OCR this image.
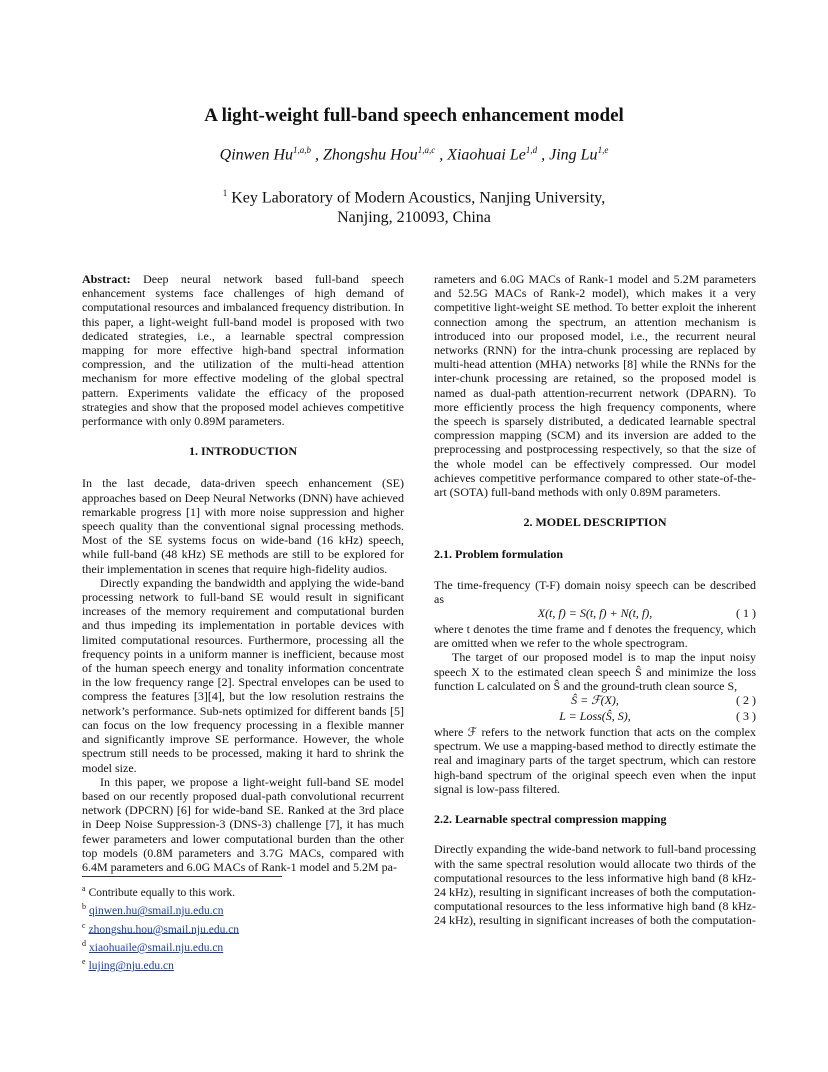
A light-weight full-band speech enhancement model
Qinwen Hu$^{1,a,b}$ , Zhongshu Hou$^{1,a,c}$ , Xiaohuai Le$^{1,d}$ , Jing Lu$^{1,e}$
$^1$ Key Laboratory of Modern Acoustics, Nanjing University,
Nanjing, 210093, China

Abstract: Deep neural network based full-band speech enhancement systems face challenges of high demand of computational resources and imbalanced frequency distribution. In this paper, a light-weight full-band model is proposed with two dedicated strategies, i.e., a learnable spectral compression mapping for more effective high-band spectral information compression, and the utilization of the multi-head attention mechanism for more effective modeling of the global spectral pattern. Experiments validate the efficacy of the proposed strategies and show that the proposed model achieves competitive performance with only 0.89M parameters.

1. INTRODUCTION

In the last decade, data-driven speech enhancement (SE) approaches based on Deep Neural Networks (DNN) have achieved remarkable progress [1] with more noise suppression and higher speech quality than the conventional signal processing methods. Most of the SE systems focus on wide-band (16 kHz) speech, while full-band (48 kHz) SE methods are still to be explored for their implementation in scenes that require high-fidelity audios.

Directly expanding the bandwidth and applying the wide-band processing network to full-band SE would result in significant increases of the memory requirement and computational burden and thus impeding its implementation in portable devices with limited computational resources. Furthermore, processing all the frequency points in a uniform manner is inefficient, because most of the human speech energy and tonality information concentrate in the low frequency range [2]. Spectral envelopes can be used to compress the features [3][4], but the low resolution restrains the network’s performance. Sub-nets optimized for different bands [5] can focus on the low frequency processing in a flexible manner and significantly improve SE performance. However, the whole spectrum still needs to be processed, making it hard to shrink the model size.

In this paper, we propose a light-weight full-band SE model based on our recently proposed dual-path convolutional recurrent network (DPCRN) [6] for wide-band SE. Ranked at the 3rd place in Deep Noise Suppression-3 (DNS-3) challenge [7], it has much fewer parameters and lower computational burden than the other top models (0.8M parameters and 3.7G MACs, compared with 6.4M parameters and 6.0G MACs of Rank-1 model and 5.2M pa-

rameters and 6.0G MACs of Rank-1 model and 5.2M parameters and 52.5G MACs of Rank-2 model), which makes it a very competitive light-weight SE method. To better exploit the inherent connection among the spectrum, an attention mechanism is introduced into our proposed model, i.e., the recurrent neural networks (RNN) for the intra-chunk processing are replaced by multi-head attention (MHA) networks [8] while the RNNs for the inter-chunk processing are retained, so the proposed model is named as dual-path attention-recurrent network (DPARN). To more efficiently process the high frequency components, where the speech is sparsely distributed, a dedicated learnable spectral compression mapping (SCM) and its inversion are added to the preprocessing and postprocessing respectively, so that the size of the whole model can be effectively compressed. Our model achieves competitive performance compared to other state-of-the-art (SOTA) full-band methods with only 0.89M parameters.

2. MODEL DESCRIPTION
2.1. Problem formulation

The time-frequency (T-F) domain noisy speech can be described as

X(t, f) = S(t, f) + N(t, f),	( 1 )

where t denotes the time frame and f denotes the frequency, which are omitted when we refer to the whole spectrogram.

The target of our proposed model is to map the input noisy speech X to the estimated clean speech Ŝ and minimize the loss function L calculated on Ŝ and the ground-truth clean source S,

Ŝ = ℱ(X),	( 2 )
L = Loss(Ŝ, S),	( 3 )

where ℱ refers to the network function that acts on the complex spectrum. We use a mapping-based method to directly estimate the real and imaginary parts of the target spectrum, which can restore high-band spectrum of the original speech even when the input signal is low-pass filtered.

2.2. Learnable spectral compression mapping

Directly expanding the wide-band network to full-band processing with the same spectral resolution would allocate two thirds of the computational resources to the less informative high band (8 kHz-24 kHz), resulting in significant increases of both the computation-computational resources to the less informative high band (8 kHz-24 kHz), resulting in significant increases of both the computation-

$^a$ Contribute equally to this work.
$^b$ qinwen.hu@smail.nju.edu.cn
$^c$ zhongshu.hou@smail.nju.edu.cn
$^d$ xiaohuaile@smail.nju.edu.cn
$^e$ lujing@nju.edu.cn
